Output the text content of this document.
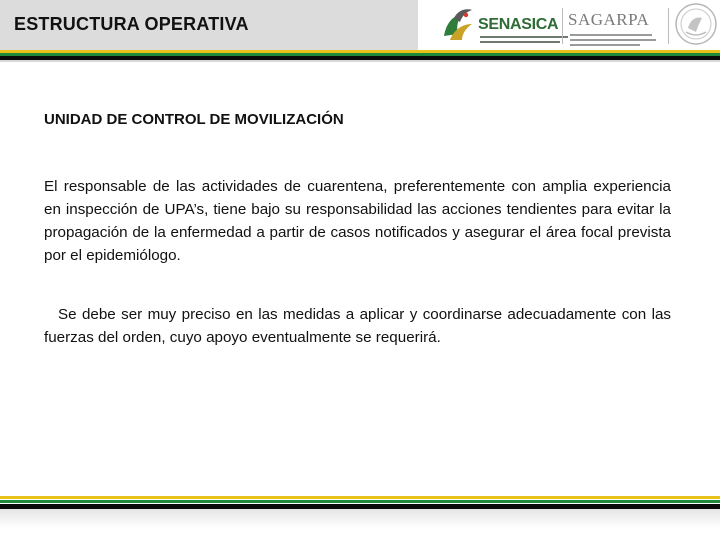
ESTRUCTURA OPERATIVA	SENASICA SAGARPA
UNIDAD DE CONTROL DE MOVILIZACIÓN

El responsable de las actividades de cuarentena, preferentemente con amplia experiencia en inspección de UPA’s, tiene bajo su responsabilidad las acciones tendientes para evitar la propagación de la enfermedad a partir de casos notificados y asegurar el área focal prevista por el epidemiólogo.

Se debe ser muy preciso en las medidas a aplicar y coordinarse adecuadamente con las fuerzas del orden, cuyo apoyo eventualmente se requerirá.
